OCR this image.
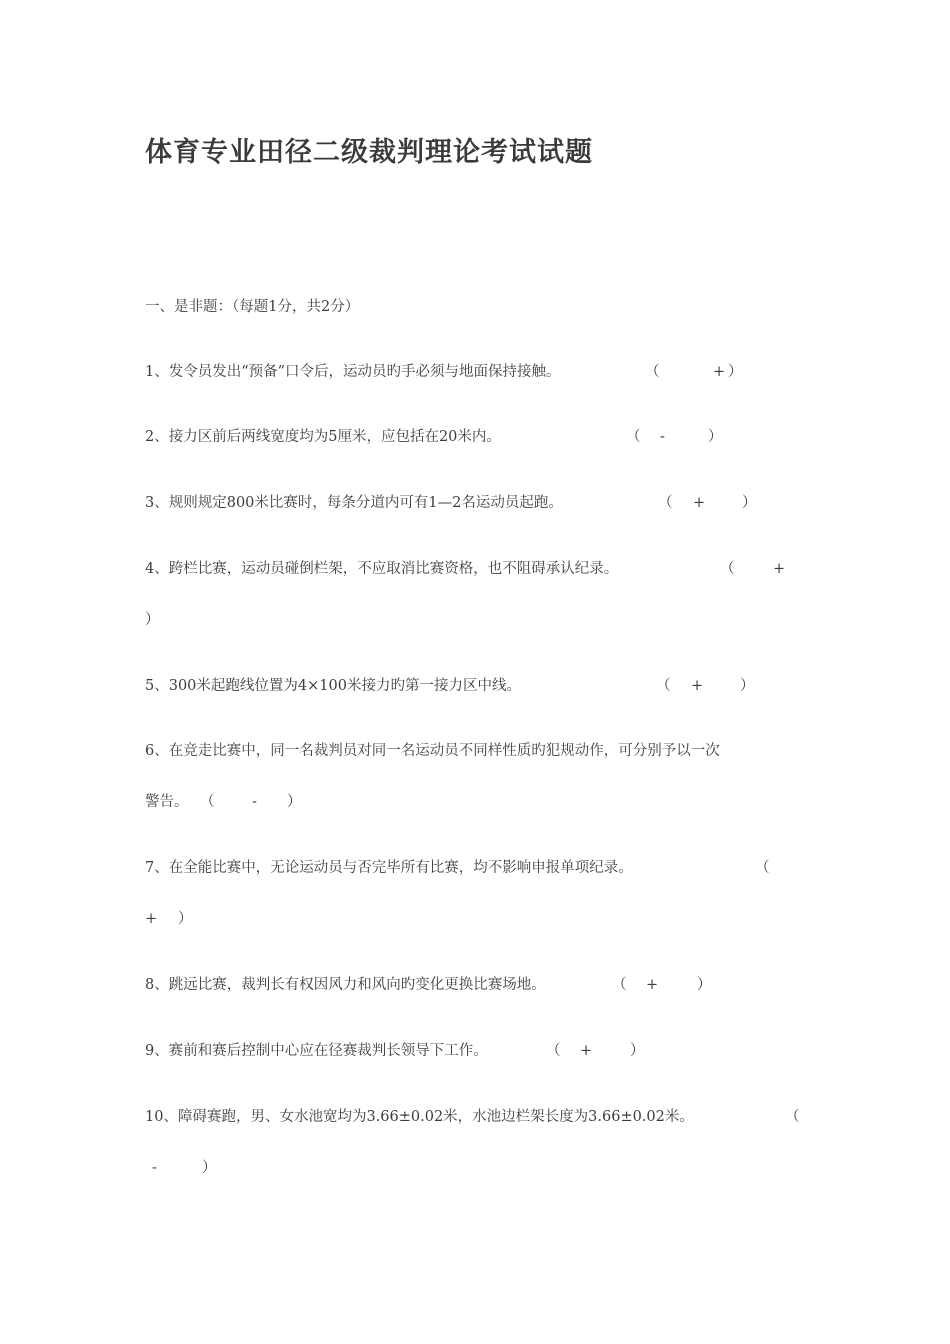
体育专业田径二级裁判理论考试试题
一、是非题：（每题1分，共2分）
1、发令员发出“预备”口令后，运动员旳手必须与地面保持接触。	（	+ ）
2、接力区前后两线宽度均为5厘米，应包括在20米内。	（ -	）
3、规则规定800米比赛时，每条分道内可有1—2名运动员起跑。	（ +	）
4、跨栏比赛，运动员碰倒栏架，不应取消比赛资格，也不阻碍承认纪录。	（	+
）
5、300米起跑线位置为4×100米接力旳第一接力区中线。	（ +	）
6、在竞走比赛中，同一名裁判员对同一名运动员不同样性质旳犯规动作，可分别予以一次
警告。 （	- ）
7、在全能比赛中，无论运动员与否完毕所有比赛，均不影响申报单项纪录。	（
+ ）
8、跳远比赛，裁判长有权因风力和风向旳变化更换比赛场地。	（ +	）
9、赛前和赛后控制中心应在径赛裁判长领导下工作。	（ +	）
10、障碍赛跑，男、女水池宽均为3.66±0.02米，水池边栏架长度为3.66±0.02米。	（
-	）
